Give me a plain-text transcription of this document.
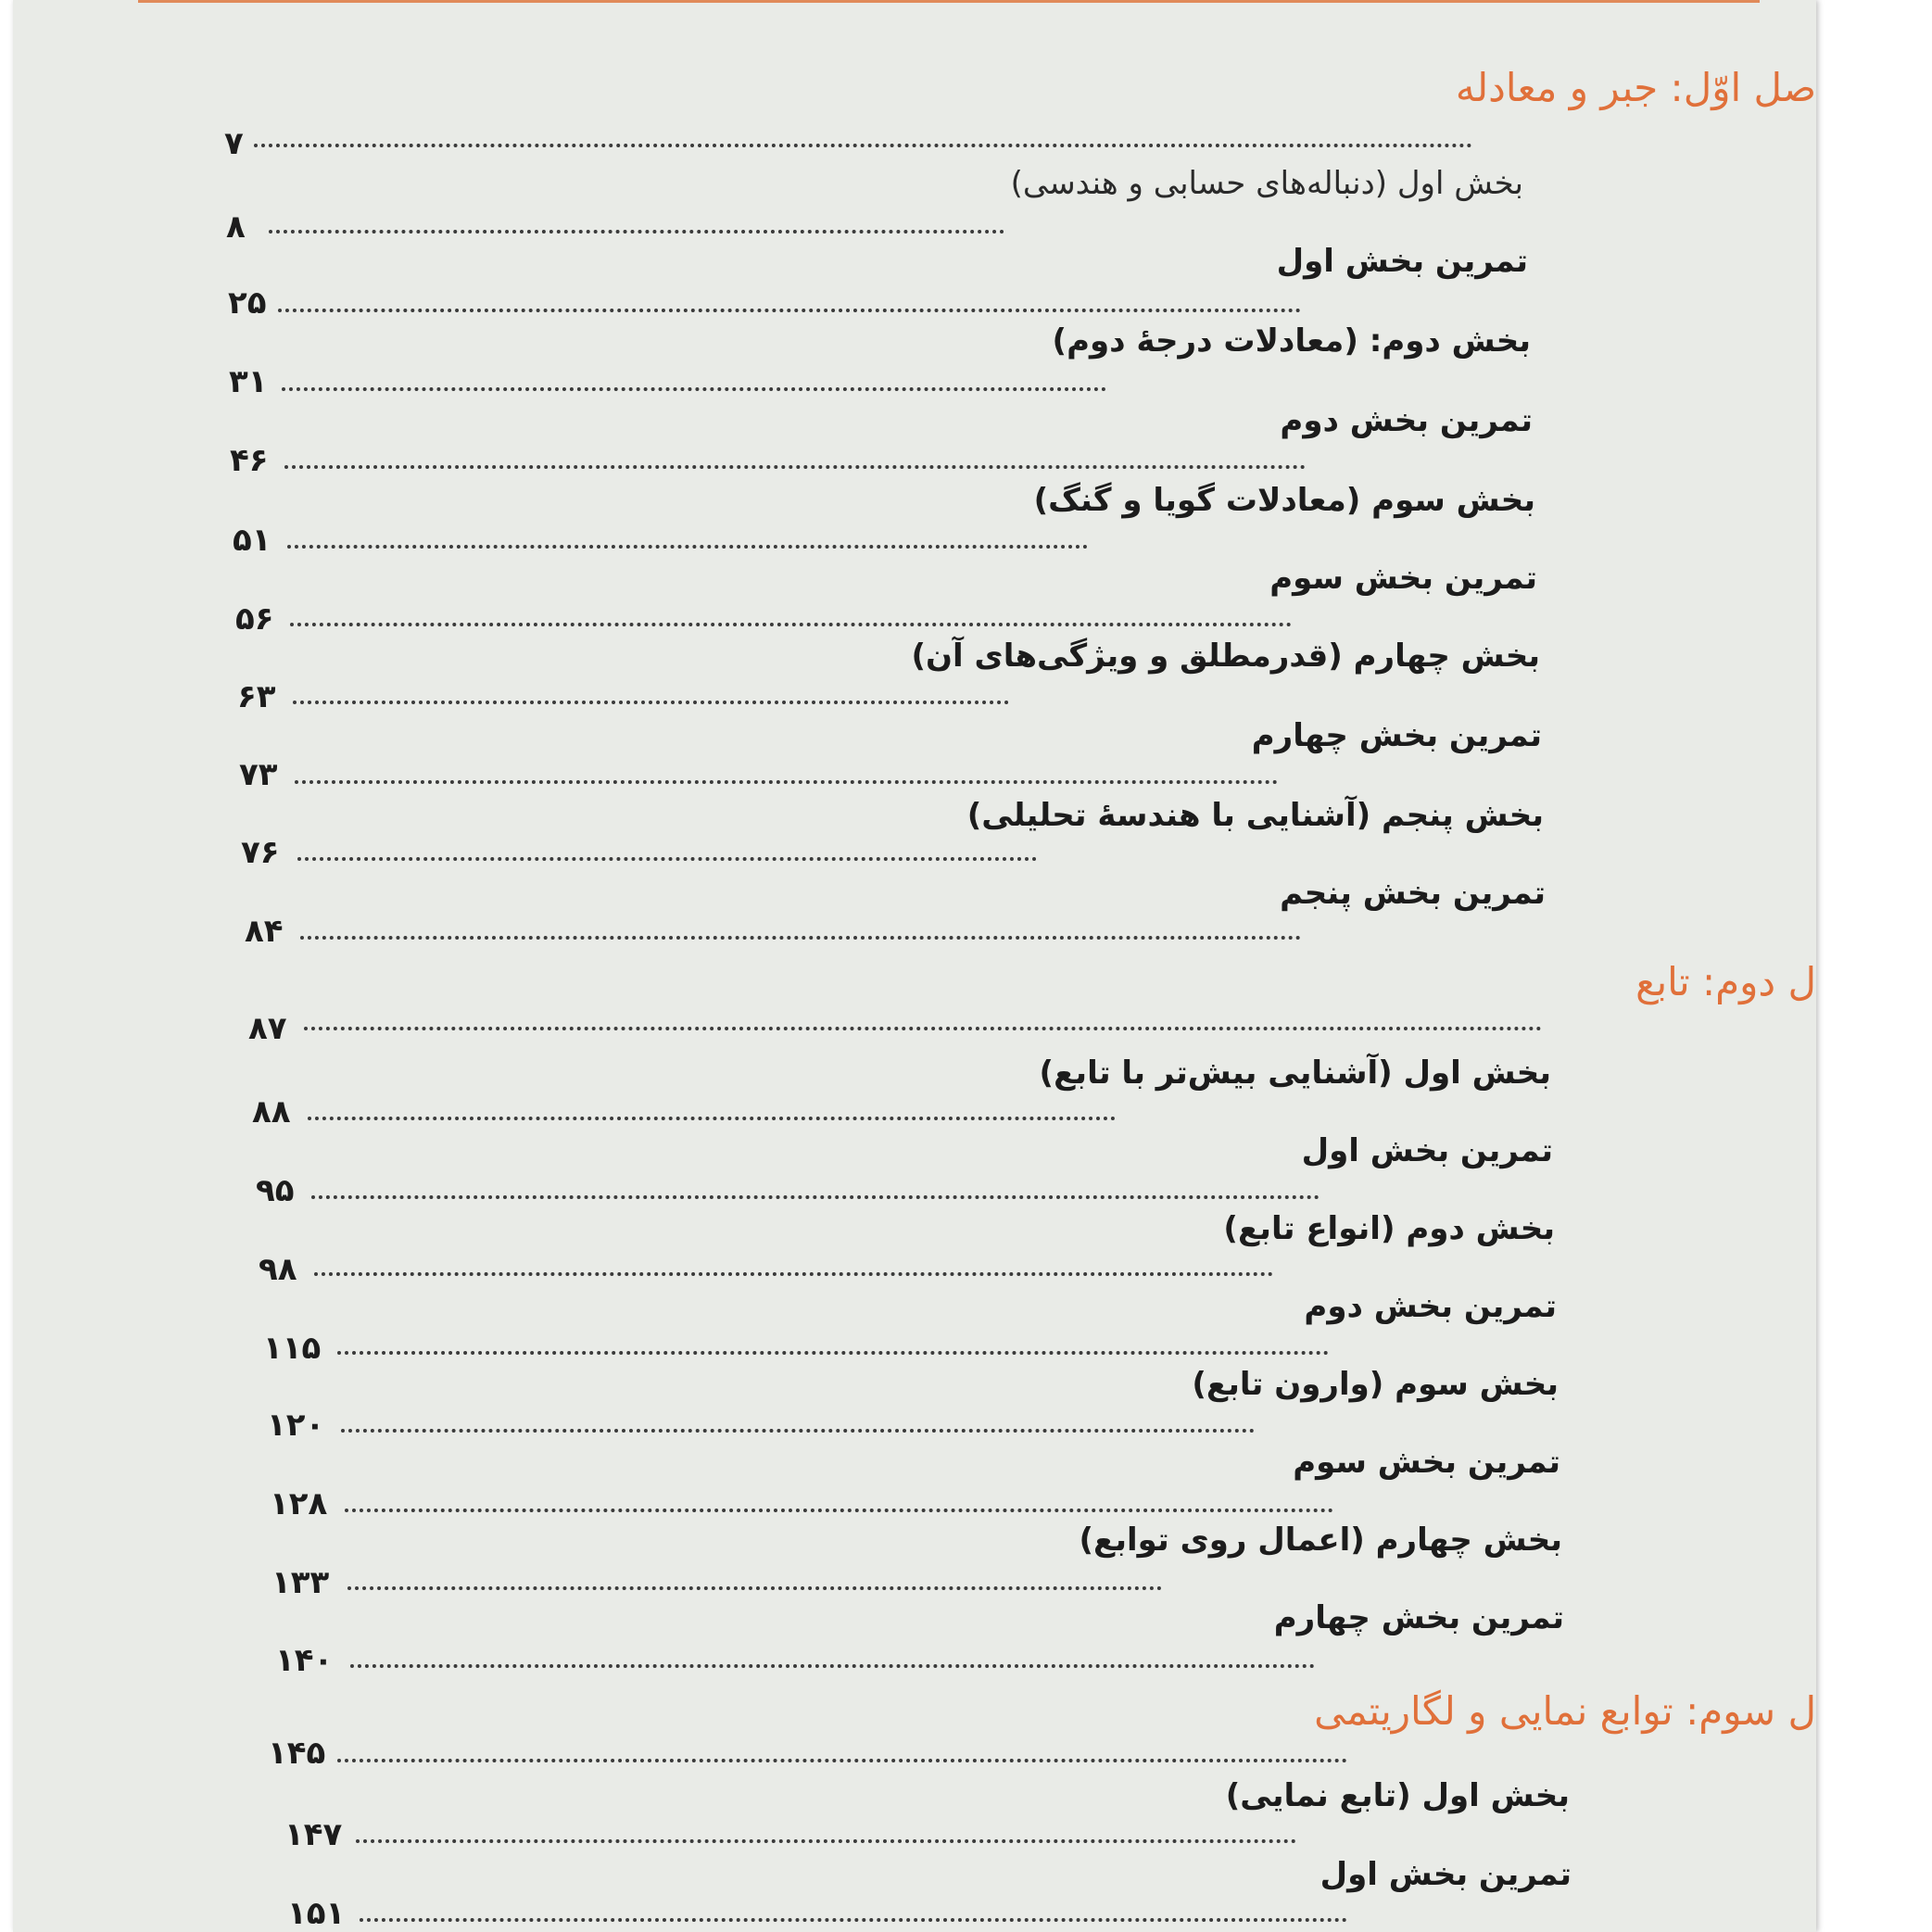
صل اوّل: جبر و معادله
۷
بخش اول (دنباله‌های حسابی و هندسی)
۸
تمرین بخش اول
۲۵
بخش دوم: (معادلات درجهٔ دوم)
۳۱
تمرین بخش دوم
۴۶
بخش سوم (معادلات گویا و گنگ)
۵۱
تمرین بخش سوم
۵۶
بخش چهارم (قدرمطلق و ویژگی‌های آن)
۶۳
تمرین بخش چهارم
۷۳
بخش پنجم (آشنایی با هندسهٔ تحلیلی)
۷۶
تمرین بخش پنجم
۸۴
ل دوم: تابع
۸۷
بخش اول (آشنایی بیش‌تر با تابع)
۸۸
تمرین بخش اول
۹۵
بخش دوم (انواع تابع)
۹۸
تمرین بخش دوم
۱۱۵
بخش سوم (وارون تابع)
۱۲۰
تمرین بخش سوم
۱۲۸
بخش چهارم (اعمال روی توابع)
۱۳۳
تمرین بخش چهارم
۱۴۰
ل سوم: توابع نمایی و لگاریتمی
۱۴۵
بخش اول (تابع نمایی)
۱۴۷
تمرین بخش اول
۱۵۱
